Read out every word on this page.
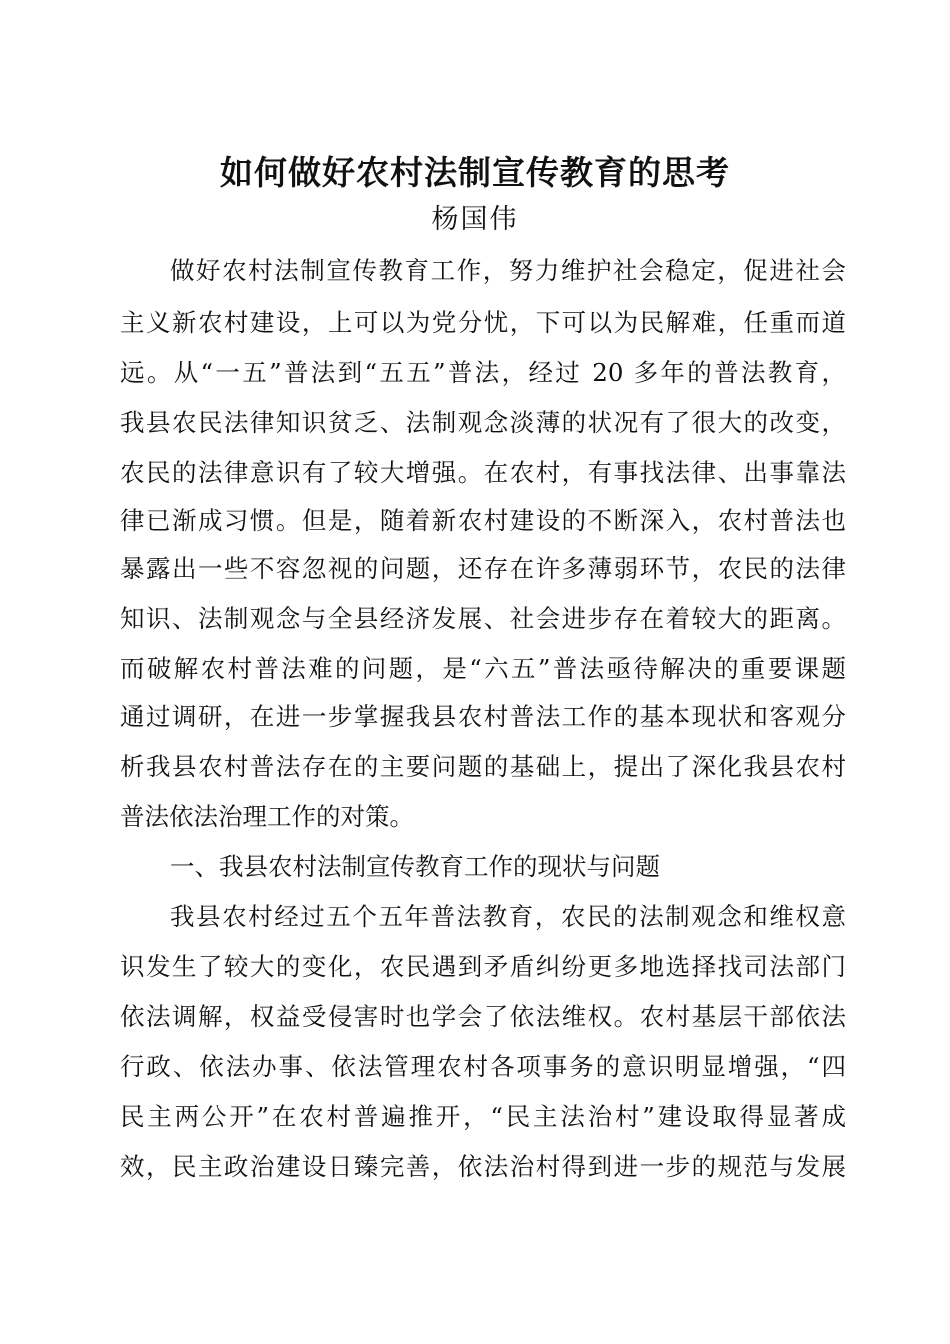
如何做好农村法制宣传教育的思考
杨国伟
做好农村法制宣传教育工作，努力维护社会稳定，促进社会
主义新农村建设，上可以为党分忧，下可以为民解难，任重而道
远。从“一五”普法到“五五”普法，经过 20 多年的普法教育，
我县农民法律知识贫乏、法制观念淡薄的状况有了很大的改变，
农民的法律意识有了较大增强。在农村，有事找法律、出事靠法
律已渐成习惯。但是，随着新农村建设的不断深入，农村普法也
暴露出一些不容忽视的问题，还存在许多薄弱环节，农民的法律
知识、法制观念与全县经济发展、社会进步存在着较大的距离。
而破解农村普法难的问题，是“六五”普法亟待解决的重要课题
通过调研，在进一步掌握我县农村普法工作的基本现状和客观分
析我县农村普法存在的主要问题的基础上，提出了深化我县农村
普法依法治理工作的对策。
一、我县农村法制宣传教育工作的现状与问题
我县农村经过五个五年普法教育，农民的法制观念和维权意
识发生了较大的变化，农民遇到矛盾纠纷更多地选择找司法部门
依法调解，权益受侵害时也学会了依法维权。农村基层干部依法
行政、依法办事、依法管理农村各项事务的意识明显增强，“四
民主两公开”在农村普遍推开，“民主法治村”建设取得显著成
效，民主政治建设日臻完善，依法治村得到进一步的规范与发展
